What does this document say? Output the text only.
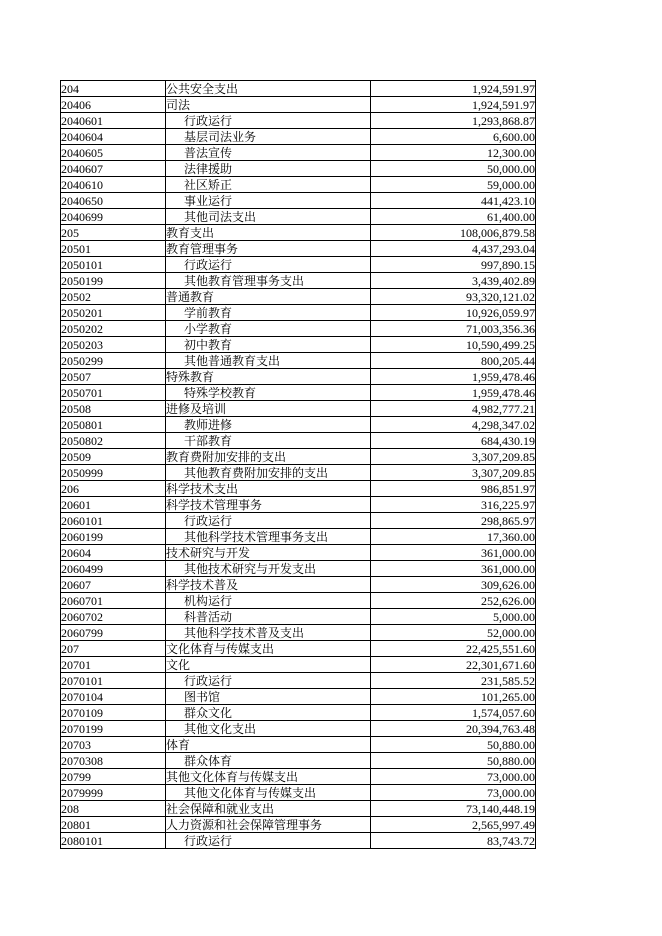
204	公共安全支出	1,924,591.97
20406	司法	1,924,591.97
2040601	行政运行	1,293,868.87
2040604	基层司法业务	6,600.00
2040605	普法宣传	12,300.00
2040607	法律援助	50,000.00
2040610	社区矫正	59,000.00
2040650	事业运行	441,423.10
2040699	其他司法支出	61,400.00
205	教育支出	108,006,879.58
20501	教育管理事务	4,437,293.04
2050101	行政运行	997,890.15
2050199	其他教育管理事务支出	3,439,402.89
20502	普通教育	93,320,121.02
2050201	学前教育	10,926,059.97
2050202	小学教育	71,003,356.36
2050203	初中教育	10,590,499.25
2050299	其他普通教育支出	800,205.44
20507	特殊教育	1,959,478.46
2050701	特殊学校教育	1,959,478.46
20508	进修及培训	4,982,777.21
2050801	教师进修	4,298,347.02
2050802	干部教育	684,430.19
20509	教育费附加安排的支出	3,307,209.85
2050999	其他教育费附加安排的支出	3,307,209.85
206	科学技术支出	986,851.97
20601	科学技术管理事务	316,225.97
2060101	行政运行	298,865.97
2060199	其他科学技术管理事务支出	17,360.00
20604	技术研究与开发	361,000.00
2060499	其他技术研究与开发支出	361,000.00
20607	科学技术普及	309,626.00
2060701	机构运行	252,626.00
2060702	科普活动	5,000.00
2060799	其他科学技术普及支出	52,000.00
207	文化体育与传媒支出	22,425,551.60
20701	文化	22,301,671.60
2070101	行政运行	231,585.52
2070104	图书馆	101,265.00
2070109	群众文化	1,574,057.60
2070199	其他文化支出	20,394,763.48
20703	体育	50,880.00
2070308	群众体育	50,880.00
20799	其他文化体育与传媒支出	73,000.00
2079999	其他文化体育与传媒支出	73,000.00
208	社会保障和就业支出	73,140,448.19
20801	人力资源和社会保障管理事务	2,565,997.49
2080101	行政运行	83,743.72
